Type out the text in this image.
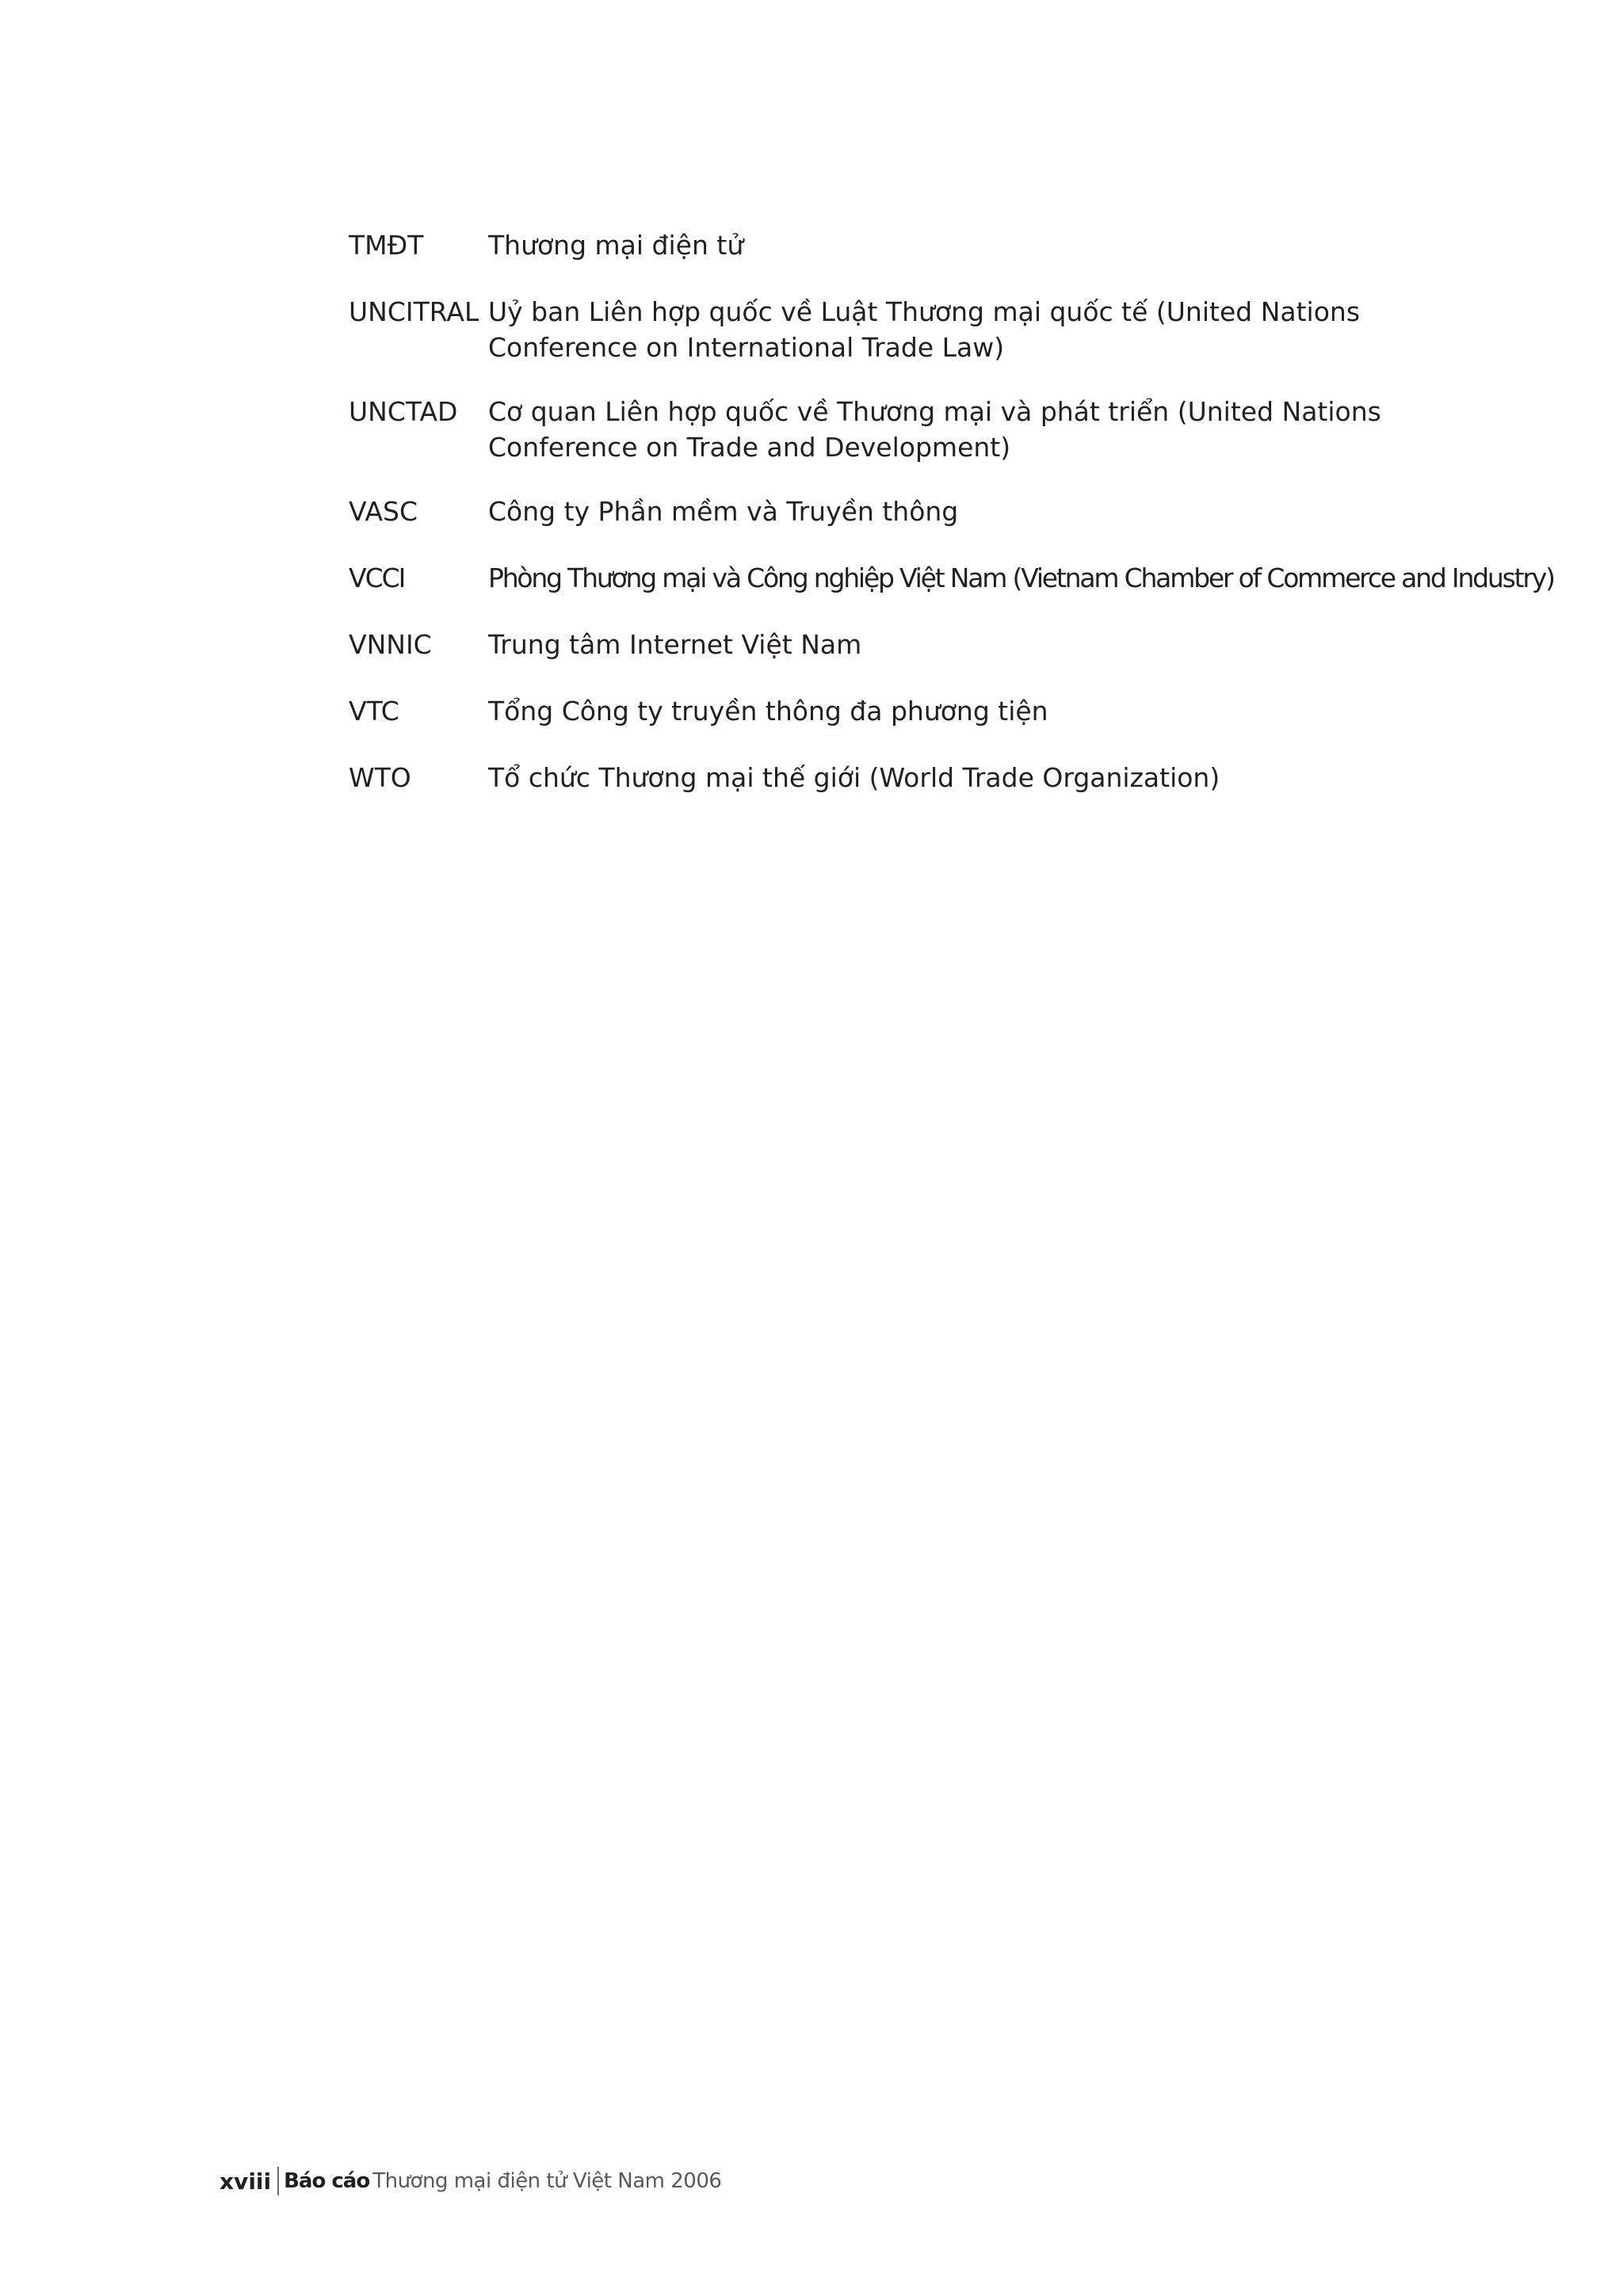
TMĐT	Thương mại điện tử
UNCITRAL Uỷ ban Liên hợp quốc về Luật Thương mại quốc tế (United Nations Conference on International Trade Law)
UNCTAD	Cơ quan Liên hợp quốc về Thương mại và phát triển (United Nations Conference on Trade and Development)
VASC	Công ty Phần mềm và Truyền thông
VCCI	Phòng Thương mại và Công nghiệp Việt Nam (Vietnam Chamber of Commerce and Industry)
VNNIC	Trung tâm Internet Việt Nam
VTC	Tổng Công ty truyền thông đa phương tiện
WTO	Tổ chức Thương mại thế giới (World Trade Organization)
xviii Báo cáo Thương mại điện tử Việt Nam 2006
